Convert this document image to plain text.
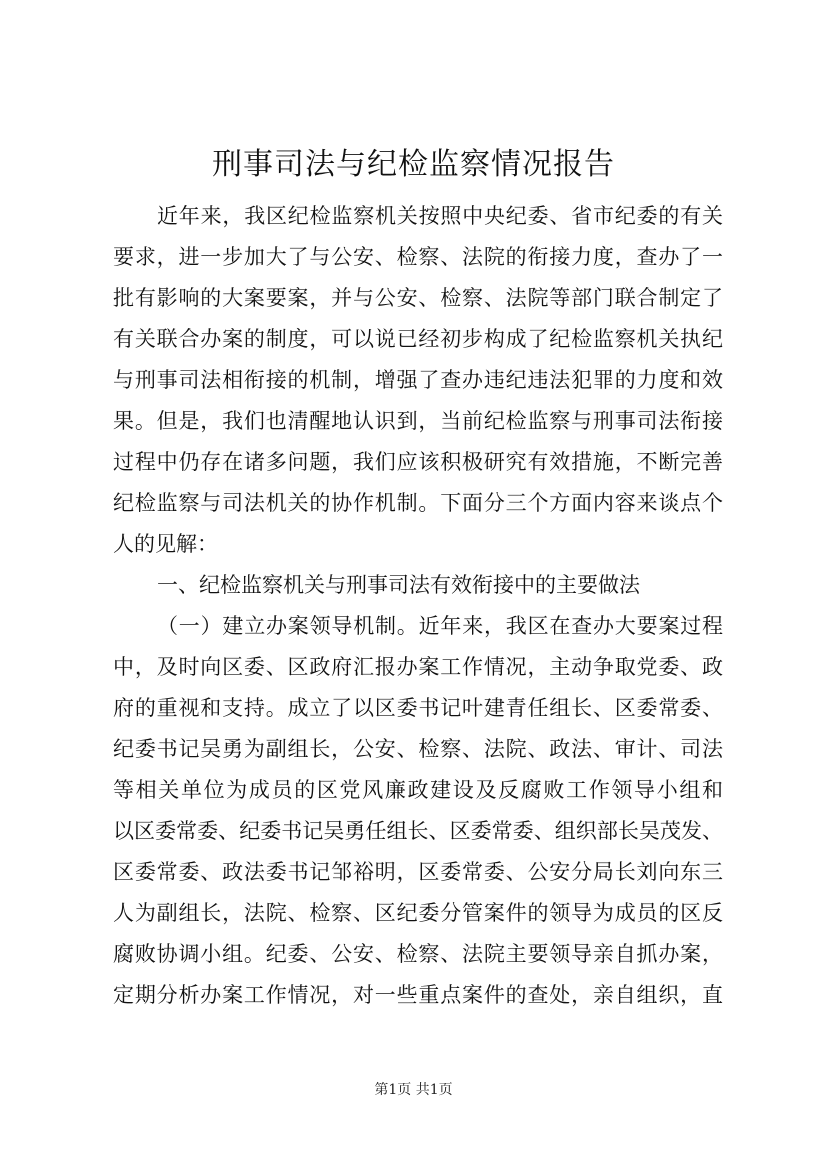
刑事司法与纪检监察情况报告
近年来，我区纪检监察机关按照中央纪委、省市纪委的有关
要求，进一步加大了与公安、检察、法院的衔接力度，查办了一
批有影响的大案要案，并与公安、检察、法院等部门联合制定了
有关联合办案的制度，可以说已经初步构成了纪检监察机关执纪
与刑事司法相衔接的机制，增强了查办违纪违法犯罪的力度和效
果。但是，我们也清醒地认识到，当前纪检监察与刑事司法衔接
过程中仍存在诸多问题，我们应该积极研究有效措施，不断完善
纪检监察与司法机关的协作机制。下面分三个方面内容来谈点个
人的见解：
一、纪检监察机关与刑事司法有效衔接中的主要做法
（一）建立办案领导机制。近年来，我区在查办大要案过程
中，及时向区委、区政府汇报办案工作情况，主动争取党委、政
府的重视和支持。成立了以区委书记叶建青任组长、区委常委、
纪委书记吴勇为副组长，公安、检察、法院、政法、审计、司法
等相关单位为成员的区党风廉政建设及反腐败工作领导小组和
以区委常委、纪委书记吴勇任组长、区委常委、组织部长吴茂发、
区委常委、政法委书记邹裕明，区委常委、公安分局长刘向东三
人为副组长，法院、检察、区纪委分管案件的领导为成员的区反
腐败协调小组。纪委、公安、检察、法院主要领导亲自抓办案，
定期分析办案工作情况，对一些重点案件的查处，亲自组织，直
第1页 共1页
